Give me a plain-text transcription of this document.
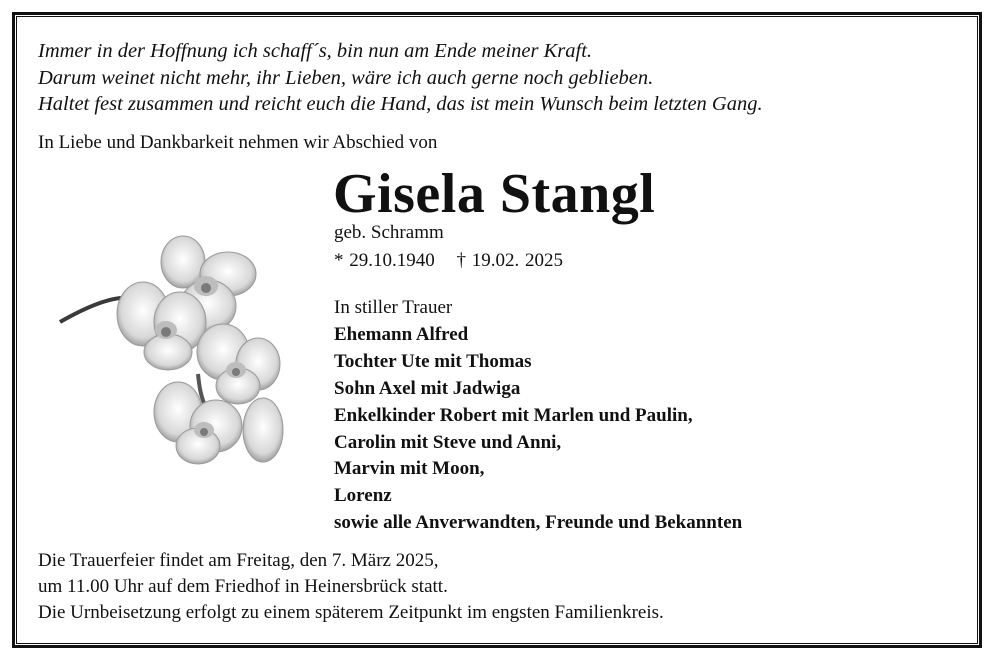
Immer in der Hoffnung ich schaff´s, bin nun am Ende meiner Kraft.
Darum weinet nicht mehr, ihr Lieben, wäre ich auch gerne noch geblieben.
Haltet fest zusammen und reicht euch die Hand, das ist mein Wunsch beim letzten Gang.
In Liebe und Dankbarkeit nehmen wir Abschied von
Gisela Stangl
geb. Schramm
* 29.10.1940 † 19.02. 2025
In stiller Trauer
Ehemann Alfred
Tochter Ute mit Thomas
Sohn Axel mit Jadwiga
Enkelkinder Robert mit Marlen und Paulin,
Carolin mit Steve und Anni,
Marvin mit Moon,
Lorenz
sowie alle Anverwandten, Freunde und Bekannten
Die Trauerfeier findet am Freitag, den 7. März 2025,
um 11.00 Uhr auf dem Friedhof in Heinersbrück statt.
Die Urnbeisetzung erfolgt zu einem späterem Zeitpunkt im engsten Familienkreis.
